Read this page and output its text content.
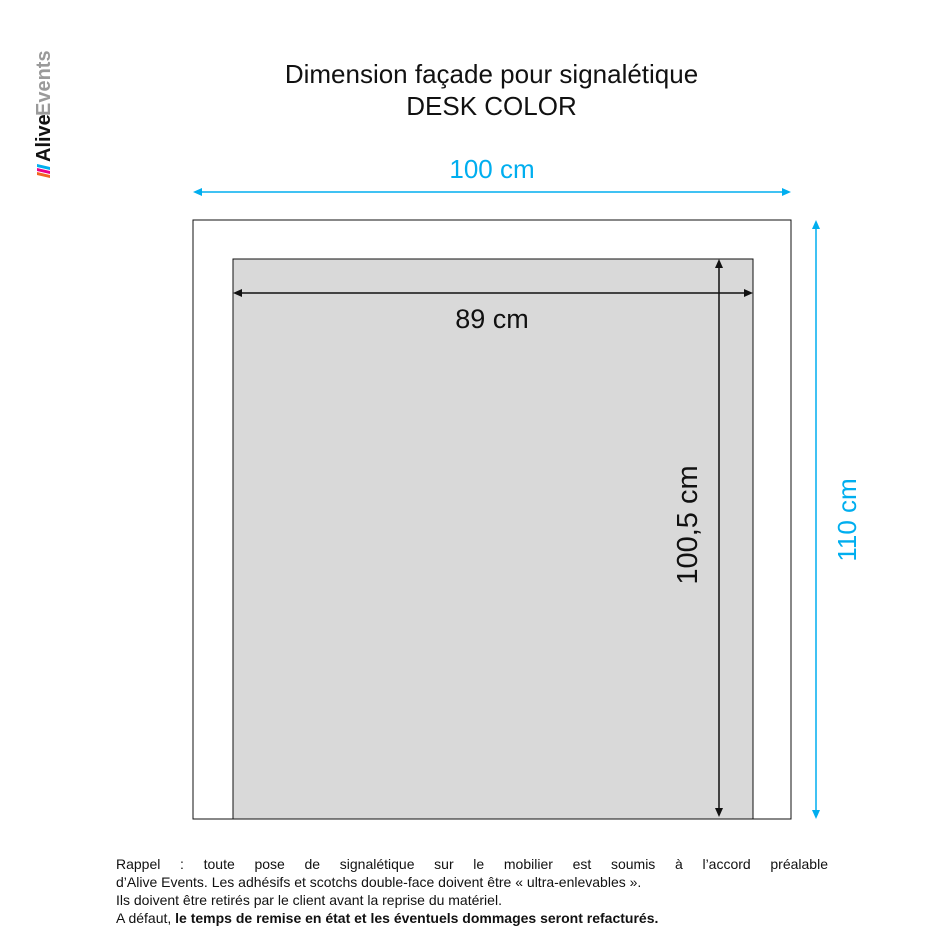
Alive
Events	Dimension façade pour signalétique
DESK COLOR
100 cm
89 cm
100,5 cm	110 cm
Rappel : toute pose de signalétique sur le mobilier est soumis à l’accord préalable
d’Alive Events. Les adhésifs et scotchs double-face doivent être « ultra-enlevables ».
Ils doivent être retirés par le client avant la reprise du matériel.
A défaut, le temps de remise en état et les éventuels dommages seront refacturés.
